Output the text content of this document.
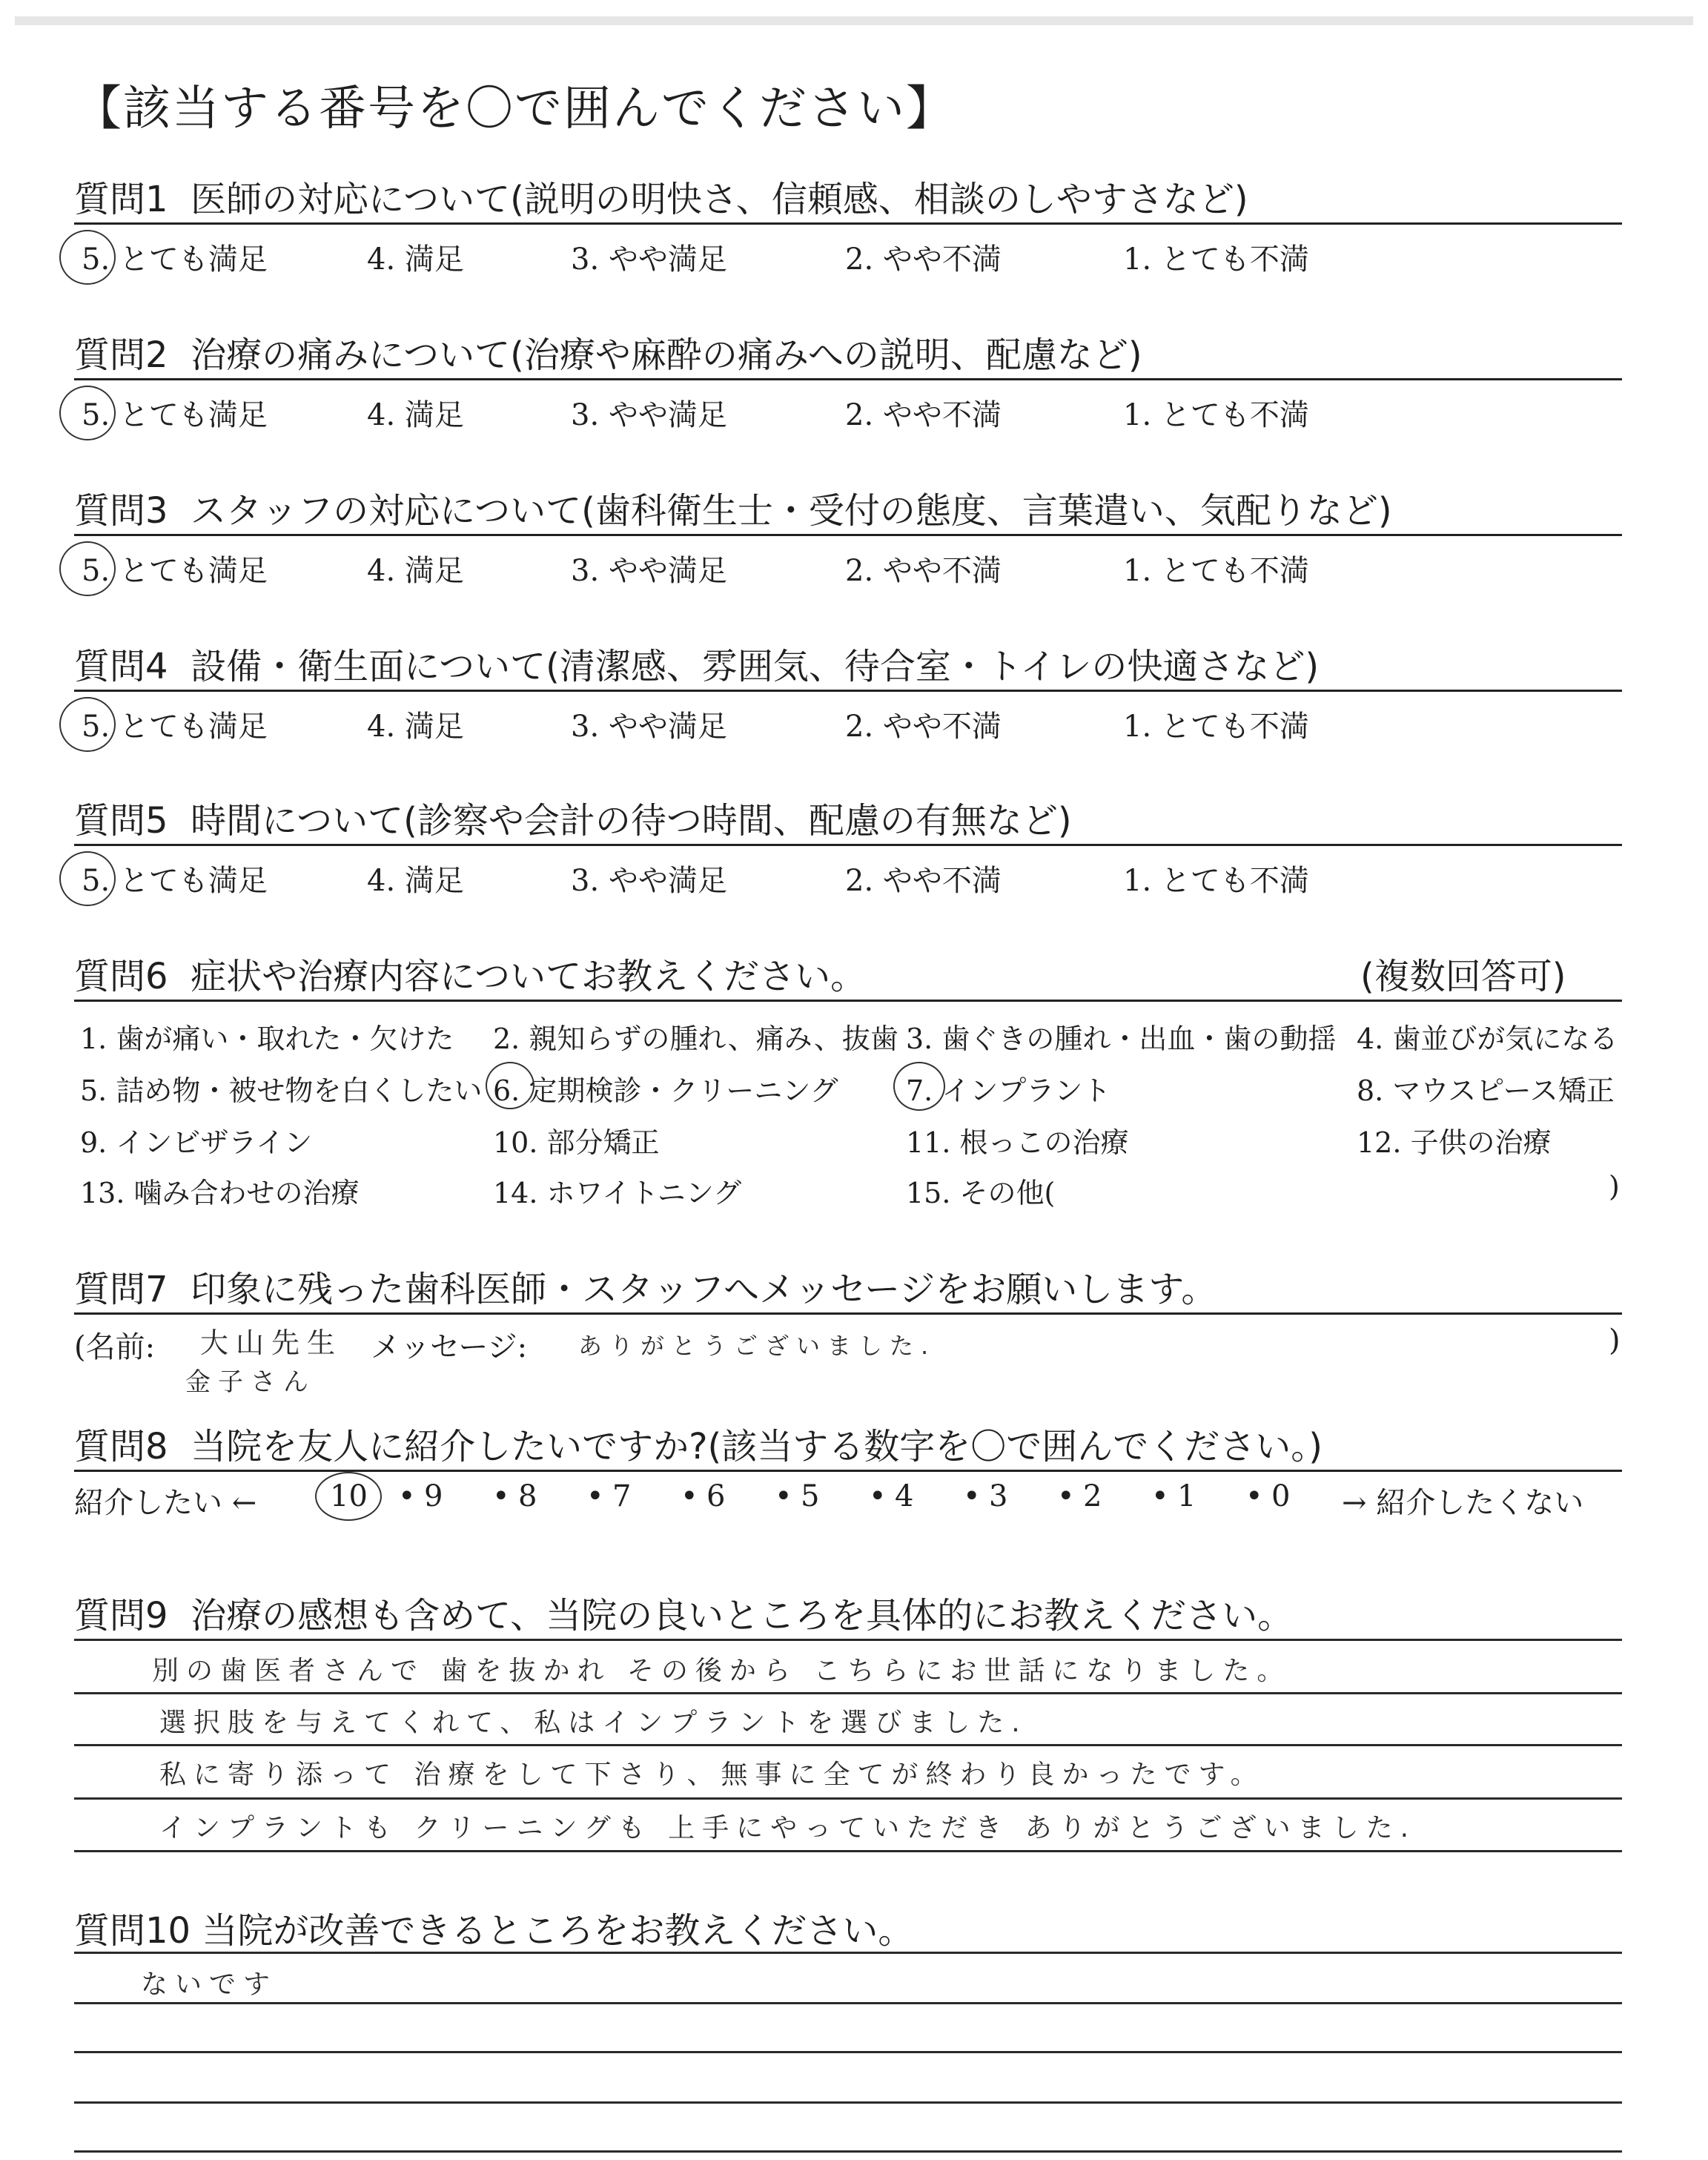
【該当する番号を〇で囲んでください】
質問1  医師の対応について(説明の明快さ、信頼感、相談のしやすさなど)
5. とても満足	4. 満足	3. やや満足	2. やや不満	1. とても不満
質問2  治療の痛みについて(治療や麻酔の痛みへの説明、配慮など)
5. とても満足	4. 満足	3. やや満足	2. やや不満	1. とても不満
質問3  スタッフの対応について(歯科衛生士・受付の態度、言葉遣い、気配りなど)
5. とても満足	4. 満足	3. やや満足	2. やや不満	1. とても不満
質問4  設備・衛生面について(清潔感、雰囲気、待合室・トイレの快適さなど)
5. とても満足	4. 満足	3. やや満足	2. やや不満	1. とても不満
質問5  時間について(診察や会計の待つ時間、配慮の有無など)
5. とても満足	4. 満足	3. やや満足	2. やや不満	1. とても不満
質問6  症状や治療内容についてお教えください。	(複数回答可)
1. 歯が痛い・取れた・欠けた 2. 親知らずの腫れ、痛み、抜歯 3. 歯ぐきの腫れ・出血・歯の動揺 4. 歯並びが気になる
5. 詰め物・被せ物を白くしたい 6. 定期検診・クリーニング 7. インプラント	8. マウスピース矯正
9. インビザライン	10. 部分矯正	11. 根っこの治療	12. 子供の治療
13. 噛み合わせの治療	14. ホワイトニング	15. その他(	)
質問7  印象に残った歯科医師・スタッフへメッセージをお願いします。
(名前: 大山先生
金子さん
メッセージ: ありがとうございました.	)
質問8  当院を友人に紹介したいですか?(該当する数字を〇で囲んでください。)
紹介したい ←	→ 紹介したくない
10 • 9 • 8 • 7 • 6 • 5 • 4 • 3 • 2 • 1 • 0
質問9  治療の感想も含めて、当院の良いところを具体的にお教えください。
別の歯医者さんで 歯を抜かれ その後から こちらにお世話になりました。
選択肢を与えてくれて、私はインプラントを選びました.
私に寄り添って 治療をして下さり、無事に全てが終わり良かったです。
インプラントも クリーニングも 上手にやっていただき ありがとうございました.
質問10 当院が改善できるところをお教えください。
ないです
